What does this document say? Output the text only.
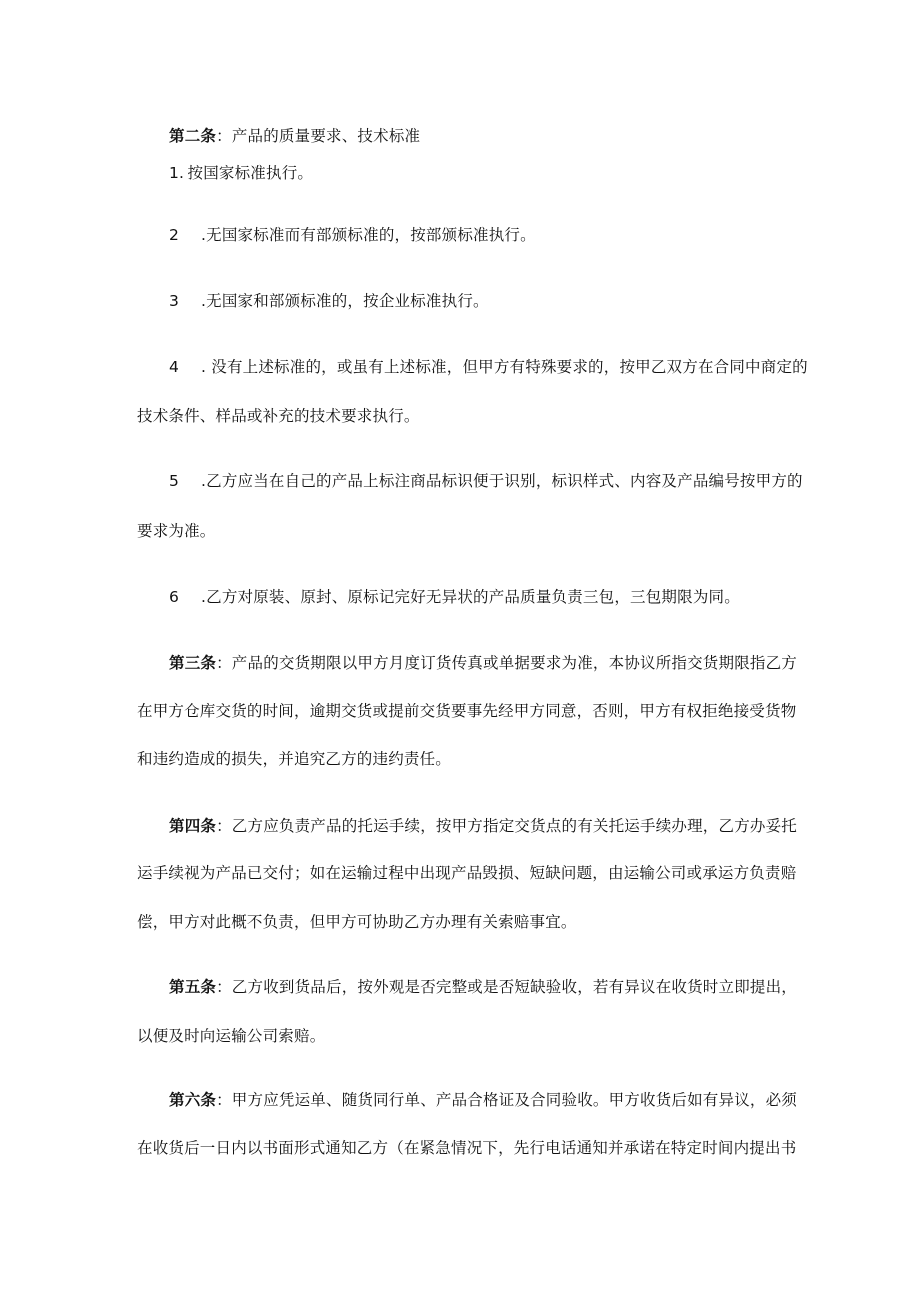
第二条：产品的质量要求、技术标准
1.  按国家标准执行。
2 .无国家标准而有部颁标准的，按部颁标准执行。
3 .无国家和部颁标准的，按企业标准执行。
4 . 没有上述标准的，或虽有上述标准，但甲方有特殊要求的，按甲乙双方在合同中商定的
技术条件、样品或补充的技术要求执行。
5 .乙方应当在自己的产品上标注商品标识便于识别，标识样式、内容及产品编号按甲方的
要求为准。
6 .乙方对原装、原封、原标记完好无异状的产品质量负责三包，三包期限为同。
第三条：产品的交货期限以甲方月度订货传真或单据要求为准，本协议所指交货期限指乙方
在甲方仓库交货的时间，逾期交货或提前交货要事先经甲方同意，否则，甲方有权拒绝接受货物
和违约造成的损失，并追究乙方的违约责任。
第四条：乙方应负责产品的托运手续，按甲方指定交货点的有关托运手续办理，乙方办妥托
运手续视为产品已交付；如在运输过程中出现产品毁损、短缺问题，由运输公司或承运方负责赔
偿，甲方对此概不负责，但甲方可协助乙方办理有关索赔事宜。
第五条：乙方收到货品后，按外观是否完整或是否短缺验收，若有异议在收货时立即提出，
以便及时向运输公司索赔。
第六条：甲方应凭运单、随货同行单、产品合格证及合同验收。甲方收货后如有异议，必须
在收货后一日内以书面形式通知乙方（在紧急情况下，先行电话通知并承诺在特定时间内提出书
